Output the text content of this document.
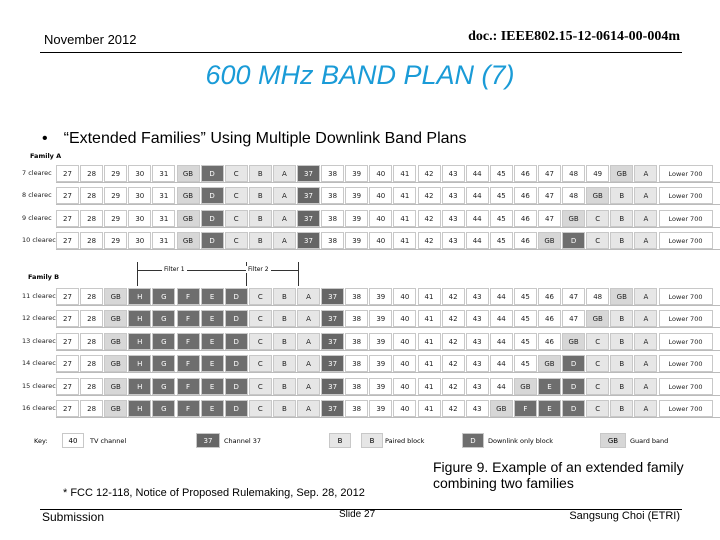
November 2012	doc.: IEEE802.15-12-0614-00-004m
600 MHz BAND PLAN (7)
• “Extended Families” Using Multiple Downlink Band Plans
Family A
Family B
7 clearec	27	28	29	30	31	GB	D	C	B	A	37	38	39	40	41	42	43	44	45	46	47	48	49	GB	A	Lower 700
8 clearec	27	28	29	30	31	GB	D	C	B	A	37	38	39	40	41	42	43	44	45	46	47	48	GB	B	A	Lower 700
9 clearec	27	28	29	30	31	GB	D	C	B	A	37	38	39	40	41	42	43	44	45	46	47	GB	C	B	A	Lower 700
10 clearec	27	28	29	30	31	GB	D	C	B	A	37	38	39	40	41	42	43	44	45	46	GB	D	C	B	A	Lower 700
11 clearec	27	28	GB	H	G	F	E	D	C	B	A	37	38	39	40	41	42	43	44	45	46	47	48	GB	A	Lower 700
12 clearec	27	28	GB	H	G	F	E	D	C	B	A	37	38	39	40	41	42	43	44	45	46	47	GB	B	A	Lower 700
13 clearec	27	28	GB	H	G	F	E	D	C	B	A	37	38	39	40	41	42	43	44	45	46	GB	C	B	A	Lower 700
14 clearec	27	28	GB	H	G	F	E	D	C	B	A	37	38	39	40	41	42	43	44	45	GB	D	C	B	A	Lower 700
15 clearec	27	28	GB	H	G	F	E	D	C	B	A	37	38	39	40	41	42	43	44	GB	E	D	C	B	A	Lower 700
16 clearec	27	28	GB	H	G	F	E	D	C	B	A	37	38	39	40	41	42	43	GB	F	E	D	C	B	A	Lower 700
Filter 1	Filter 2
Key:	40	TV channel	37	Channel 37	B	B	Paired block	D	Downlink only block	GB	Guard band
* FCC 12-118, Notice of Proposed Rulemaking, Sep. 28, 2012
Figure 9. Example of an extended family combining two families
Submission	Slide 27	Sangsung Choi (ETRI)
